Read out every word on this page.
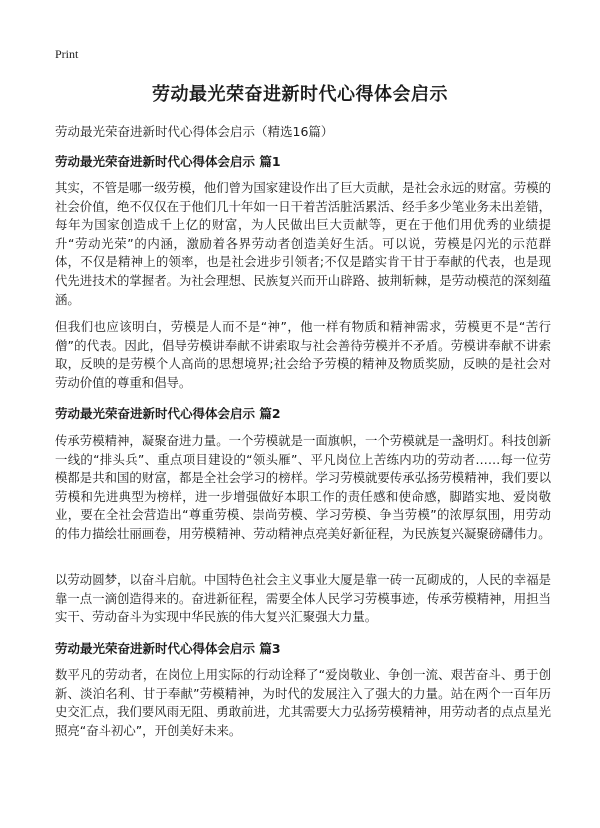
Print
劳动最光荣奋进新时代心得体会启示

劳动最光荣奋进新时代心得体会启示（精选16篇）

劳动最光荣奋进新时代心得体会启示 篇1

其实，不管是哪一级劳模，他们曾为国家建设作出了巨大贡献，是社会永远的财富。劳模的社会价值，绝不仅仅在于他们几十年如一日干着苦活脏活累活、经手多少笔业务未出差错，每年为国家创造成千上亿的财富，为人民做出巨大贡献等，更在于他们用优秀的业绩提升“劳动光荣”的内涵，激励着各界劳动者创造美好生活。可以说，劳模是闪光的示范群体，不仅是精神上的领率，也是社会进步引领者;不仅是踏实肯干甘于奉献的代表，也是现代先进技术的掌握者。为社会理想、民族复兴而开山辟路、披荆斩棘，是劳动模范的深刻蕴涵。

但我们也应该明白，劳模是人而不是“神”，他一样有物质和精神需求，劳模更不是“苦行僧”的代表。因此，倡导劳模讲奉献不讲索取与社会善待劳模并不矛盾。劳模讲奉献不讲索取，反映的是劳模个人高尚的思想境界;社会给予劳模的精神及物质奖励，反映的是社会对劳动价值的尊重和倡导。

劳动最光荣奋进新时代心得体会启示 篇2

传承劳模精神，凝聚奋进力量。一个劳模就是一面旗帜，一个劳模就是一盏明灯。科技创新一线的“排头兵”、重点项目建设的“领头雁”、平凡岗位上苦练内功的劳动者……每一位劳模都是共和国的财富，都是全社会学习的榜样。学习劳模就要传承弘扬劳模精神，我们要以劳模和先进典型为榜样，进一步增强做好本职工作的责任感和使命感，脚踏实地、爱岗敬业，要在全社会营造出“尊重劳模、崇尚劳模、学习劳模、争当劳模”的浓厚氛围，用劳动的伟力描绘壮丽画卷，用劳模精神、劳动精神点亮美好新征程，为民族复兴凝聚磅礴伟力。

以劳动圆梦，以奋斗启航。中国特色社会主义事业大厦是靠一砖一瓦砌成的，人民的幸福是靠一点一滴创造得来的。奋进新征程，需要全体人民学习劳模事迹，传承劳模精神，用担当实干、劳动奋斗为实现中华民族的伟大复兴汇聚强大力量。

劳动最光荣奋进新时代心得体会启示 篇3

数平凡的劳动者，在岗位上用实际的行动诠释了“爱岗敬业、争创一流、艰苦奋斗、勇于创新、淡泊名利、甘于奉献”劳模精神，为时代的发展注入了强大的力量。站在两个一百年历史交汇点，我们要风雨无阻、勇敢前进，尤其需要大力弘扬劳模精神，用劳动者的点点星光照亮“奋斗初心”，开创美好未来。
